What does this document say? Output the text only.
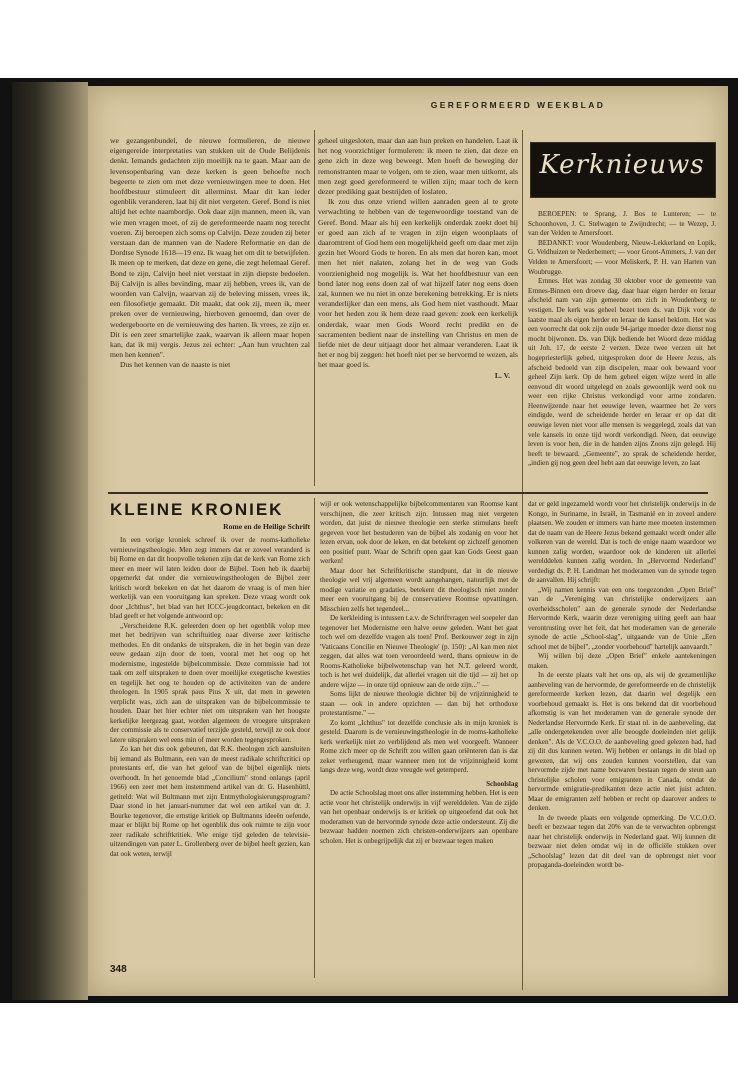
GEREFORMEERD WEEKBLAD

we gezangenbundel, de nieuwe formulieren, de nieuwe eigengereide interpretaties van stukken uit de Oude Belijdenis denkt. Iemands gedachten zijn moeilijk na te gaan. Maar aan de levensopenbaring van deze kerken is geen behoefte noch begeerte te zien om met deze vernieuwingen mee te doen. Het hoofdbestuur stimuleert dit allerminst. Maar dit kan ieder ogenblik veranderen, laat hij dit niet vergeten. Geref. Bond is niet altijd het echte naambordje. Ook daar zijn mannen, meen ik, van wie men vragen moet, of zij de gereformeerde naam nog terecht voeren. Zij beroepen zich soms op Calvijn. Deze zouden zij beter verstaan dan de mannen van de Nadere Reformatie en dan de Dordtse Synode 1618—19 enz. Ik waag het om dit te betwijfelen. Ik meen op te merken, dat deze en gene, die zegt helemaal Geref. Bond te zijn, Calvijn heel niet verstaat in zijn diepste bedoelen. Bij Calvijn is alles bevinding, maar zij hebben, vrees ik, van de woorden van Calvijn, waarvan zij de beleving missen, vrees ik, een filosofietje gemaakt. Dit maakt, dat ook zij, meen ik, meer preken over de vernieuwing, hierboven genoemd, dan over de wedergeboorte en de vernieuwing des harten. Ik vrees, ze zijn er. Dit is een zeer smartelijke zaak, waarvan ik alleen maar hopen kan, dat ik mij vergis. Jezus zei echter: „Aan hun vruchten zal men hen kennen".

Dus het kennen van de naaste is niet

geheel uitgesloten, maar dan aan hun preken en handelen. Laat ik het nog voorzichtiger formuleren: ik meen te zien, dat deze en gene zich in deze weg beweegt. Men hoeft de beweging der remonstranten maar te volgen, om te zien, waar men uitkomt, als men zegt goed gereformeerd te willen zijn; maar toch de kern dezer prediking gaat bestrijden of loslaten.

Ik zou dus onze vriend willen aanraden geen al te grote verwachting te hebben van de tegenwoordige toestand van de Geref. Bond. Maar als hij een kerkelijk onderdak zoekt doet hij er goed aan zich af te vragen in zijn eigen woonplaats of daaromtrent of God hem een mogelijkheid geeft om daar met zijn gezin het Woord Gods te horen. En als men dat horen kan, moet men het niet nalaten, zolang het in de weg van Gods voorzienigheid nog mogelijk is. Wat het hoofdbestuur van een bond later nog eens doen zal of wat hijzelf later nog eens doen zal, kunnen we nu niet in onze berekening betrekking. Er is niets veranderlijker dan een mens, als God hem niet vasthoudt. Maar voor het heden zou ik hem deze raad geven: zoek een kerkelijk onderdak, waar men Gods Woord recht predikt en de sacramenten bedient naar de instelling van Christus en men de liefde niet de deur uitjaagt door het almaar veranderen. Laat ik het er nog bij zeggen: het hoeft niet per se hervormd te wezen, als het maar goed is.

L. V.

Kerknieuws

BEROEPEN: te Sprang, J. Bos te Lunteren; — te Schoonhoven, J. C. Stelwagen te Zwijndrecht; — te Wezep, J. van der Velden te Amersfoort.

BEDANKT: voor Woudenberg, Nieuw-Lekkerland en Lopik, G. Veldhuizen te Nederhemert; — voor Groot-Ammers, J. van der Velden te Amersfoort; — voor Meliskerk, P. H. van Harten van Woubrugge.

Ernnes. Het was zondag 30 oktober voor de gemeente van Ernnes-Binnen een droeve dag, daar haar eigen herder en leraar afscheid nam van zijn gemeente om zich in Woudenberg te vestigen. De kerk was geheel bezet toen ds. van Dijk voor de laatste maal als eigen herder en leraar de kansel beklom. Het was een voorrecht dat ook zijn oude 94-jarige moeder deze dienst nog mocht bijwonen. Ds. van Dijk bediende het Woord deze middag uit Joh. 17, de eerste 2 verzen. Deze twee verzen uit het hogepriesterlijk gebed, uitgesproken door de Heere Jezus, als afscheid bedoeld van zijn discipelen, maar ook bewaard voor geheel Zijn kerk. Op de hem geheel eigen wijze werd in alle eenvoud dit woord uitgelegd en zoals gewoonlijk werd ook nu weer een rijke Christus verkondigd voor arme zondaren. Heenwijzende naar het eeuwige leven, waarmee het 2e vers eindigde, werd de scheidende herder en leraar er op dat dit eeuwige leven niet voor alle mensen is weggelegd, zoals dat van vele kansels in onze tijd wordt verkondigd. Neen, dat eeuwige leven is voor hen, die in de handen zijns Zoons zijn gelegd. Hij heeft te bewaard. „Gemeente", zo sprak de scheidende herder, „indien gij nog geen deel hebt aan dat eeuwige leven, zo laat

KLEINE KRONIEK
Rome en de Heilige Schrift

In een vorige kroniek schreef ik over de rooms-katholieke vernieuwingstheologie. Men zegt immers dat er zoveel veranderd is bij Rome en dat dit hoopvolle tekenen zijn dat de kerk van Rome zich meer en meer wil laten leiden door de Bijbel. Toen heb ik daarbij opgemerkt dat onder die vernieuwingstheologen de Bijbel zeer kritisch wordt bekeken en dat het daarom de vraag is of men hier werkelijk van een vooruitgang kan spreken. Deze vraag wordt ook door „Ichthus", het blad van het ICCC-jeugdcontact, bekeken en dit blad geeft er het volgende antwoord op:

„Verscheidene R.K. geleerden doen op het ogenblik volop mee met het bedrijven van schriftuitleg naar diverse zeer kritische methodes. En dit ondanks de uitspraken, die in het begin van deze eeuw gedaan zijn door de toen, vooral met het oog op het modernisme, ingestelde bijbelcommissie. Deze commissie had tot taak om zelf uitspraken te doen over moeilijke exegetische kwesties en tegelijk het oog te houden op de activiteiten van de andere theologen. In 1905 sprak paus Pius X uit, dat men in geweten verplicht was, zich aan de uitspraken van de bijbelcommissie te houden. Daar het hier echter niet om uitspraken van het hoogste kerkelijke leergezag gaat, worden algemeen de vroegere uitspraken der commissie als te conservatief terzijde gesteld, terwijl ze ook door latere uitspraken wel eens min of meer worden tegengesproken.

Zo kan het dus ook gebeuren, dat R.K. theologen zich aansluiten bij iemand als Bultmann, een van de meest radikale schriftcritici op protestants erf, die van het geloof van de bijbel eigenlijk niets overhoudt. In het genoemde blad „Concilium" stond onlangs (april 1966) een zeer met hem instemmend artikel van dr. G. Hasenhüttl, getiteld: Wat wil Bultmann met zijn Entmythologisierungsprogram? Daar stond in het januari-nummer dat wel een artikel van dr. J. Bourke tegenover, die ernstige kritiek op Bultmanns ideeën oefende, maar er blijkt bij Rome op het ogenblik dus ook ruimte te zijn voor zeer radikale schriftkritiek. Wie enige tijd geleden de televisie-uitzendingen van pater L. Grollenberg over de bijbel heeft gezien, kan dat ook weten, terwijl

wijl er ook wetenschappelijke bijbelcommentaren van Roomse kant verschijnen, die zeer kritisch zijn. Intussen mag niet vergeten worden, dat juist de nieuwe theologie een sterke stimulans heeft gegeven voor het bestuderen van de bijbel als zodanig en voor het lezen ervan, ook door de leken, en dat betekent op zichzelf genomen een positief punt. Waar de Schrift open gaat kan Gods Geest gaan werken!

Maar door het Schriftkritische standpunt, dat in de nieuwe theologie wel vrij algemeen wordt aangehangen, natuurlijk met de modige variatie en gradaties, betekent dit theologisch niet zonder meer een vooruitgang bij de conservatieve Roomse opvattingen. Misschien zelfs het tegendeel...

De kerkleiding is intussen t.a.v. de Schriftvragen wel soepeler dan tegenover het Modernisme een halve eeuw geleden. Want het gaat toch wel om dezelfde vragen als toen! Prof. Berkouwer zegt in zijn 'Vaticaans Concilie en Nieuwe Theologie' (p. 150): „Al kan men niet zeggen, dat alles wat toen veroordeeld werd, thans opnieuw in de Rooms-Katholieke bijbelwetenschap van het N.T. geleerd wordt, toch is het wel duidelijk, dat allerlei vragen uit die tijd — zij het op andere wijze — in onze tijd opnieuw aan de orde zijn..." —

Soms lijkt de nieuwe theologie dichter bij de vrijzinnigheid te staan — ook in andere opzichten — dan bij het orthodoxe protestantisme." —

Zo komt „Ichthus" tot dezelfde conclusie als in mijn kroniek is gesteld. Daarom is de vernieuwingstheologie in de rooms-katholieke kerk werkelijk niet zo verblijdend als men wel voorgeeft. Wanneer Rome zich meer op de Schrift zou willen gaan oriënteren dan is dat zeker verheugend, maar wanneer men tot de vrijzinnigheid komt langs deze weg, wordt deze vreugde wel getemperd.

Schoolslag

De actie Schoolslag moet ons aller instemming hebben. Het is een actie voor het christelijk onderwijs in vijf werelddelen. Van de zijde van het openbaar onderwijs is er kritiek op uitgeoefend dat ook het moderamen van de hervormde synode deze actie ondersteunt. Zij die bezwaar hadden noemen zich christen-onderwijzers aan openbare scholen. Het is onbegrijpelijk dat zij er bezwaar tegen maken

dat er geld ingezameld wordt voor het christelijk onderwijs in de Kongo, in Suriname, in Israël, in Tasmanië en in zoveel andere plaatsen. We zouden er immers van harte mee moeten instemmen dat de naam van de Heere Jezus bekend gemaakt wordt onder alle volkeren van de wereld. Dat is toch de enige naam waardoor we kunnen zalig worden, waardoor ook de kinderen uit allerlei werelddelen kunnen zalig worden. In „Hervormd Nederland" verdedigt ds. P. H. Landman het moderamen van de synode tegen de aanvallen. Hij schrijft:

„Wij namen kennis van een ons toegezonden „Open Brief" van de „Vereniging van christelijke onderwijzers aan overheidsscholen" aan de generale synode der Nederlandse Hervormde Kerk, waarin deze vereniging uiting geeft aan haar verontrusting over het feit, dat het moderamen van de generale synode de actie „School-slag", uitgaande van de Unie „Een school met de bijbel", „zonder voorbehoud" hartelijk aanvaardt."

Wij willen bij deze „Open Brief" enkele aantekeningen maken.

In de eerste plaats valt het ons op, als wij de gezamenlijke aanbeveling van de hervormde, de gereformeerde en de christelijk gereformeerde kerken lezen, dat daarin wel degelijk een voorbehoud gemaakt is. Het is ons bekend dat dit voorbehoud afkomstig is van het moderamen van de generale synode der Nederlandse Hervormde Kerk. Er staat nl. in de aanbeveling, dat „alle ondergetekenden over alle beoogde doeleinden niet gelijk denken". Als de V.C.O.O. de aanbeveling goed gelezen had, had zij dit dus kunnen weten. Wij hebben er onlangs in dit blad op gewezen, dat wij ons zouden kunnen voorstellen, dat van hervormde zijde met name bezwaren bestaan tegen de steun aan christelijke scholen voor emigranten in Canada, omdat de hervormde emigratie-predikanten deze actie niet juist achten. Maar de emigranten zelf hebben er recht op daarover anders te denken.

In de tweede plaats een volgende opmerking. De V.C.O.O. heeft er bezwaar tegen dat 20% van de te verwachten opbrengst naar het christelijk onderwijs in Nederland gaat. Wij kunnen dit bezwaar niet delen omdat wij in de officiële stukken over „Schoolslag" lezen dat dit deel van de opbrengst niet voor propaganda-doeleinden wordt be-

348
